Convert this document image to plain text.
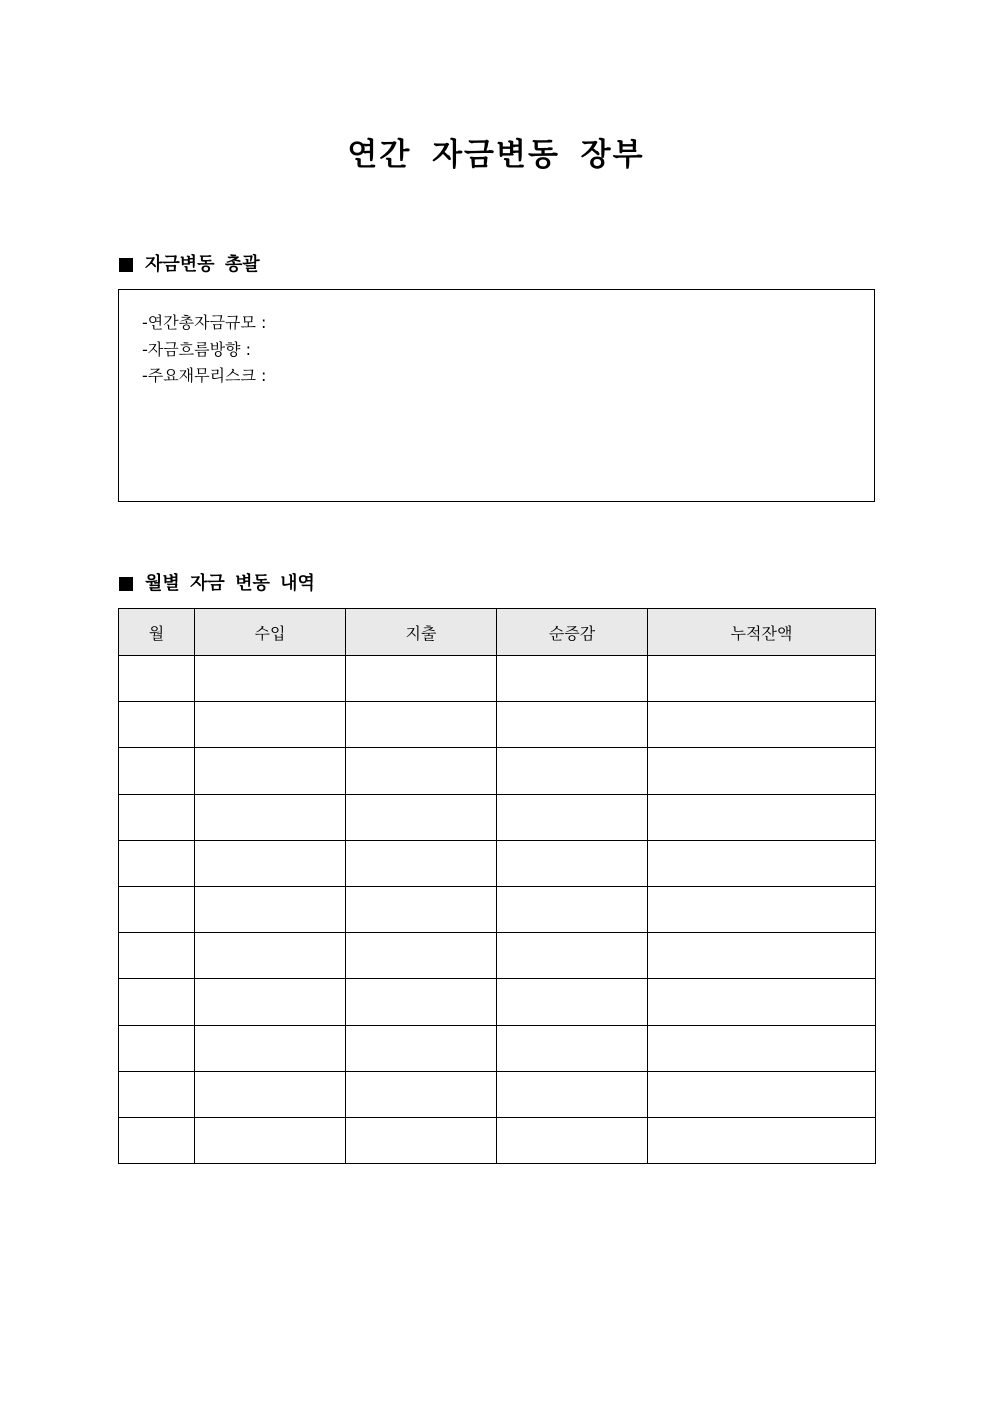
연간 자금변동 장부
자금변동 총괄
-연간총자금규모 :
-자금흐름방향 :
-주요재무리스크 :
월별 자금 변동 내역
월	수입	지출	순증감	누적잔액
